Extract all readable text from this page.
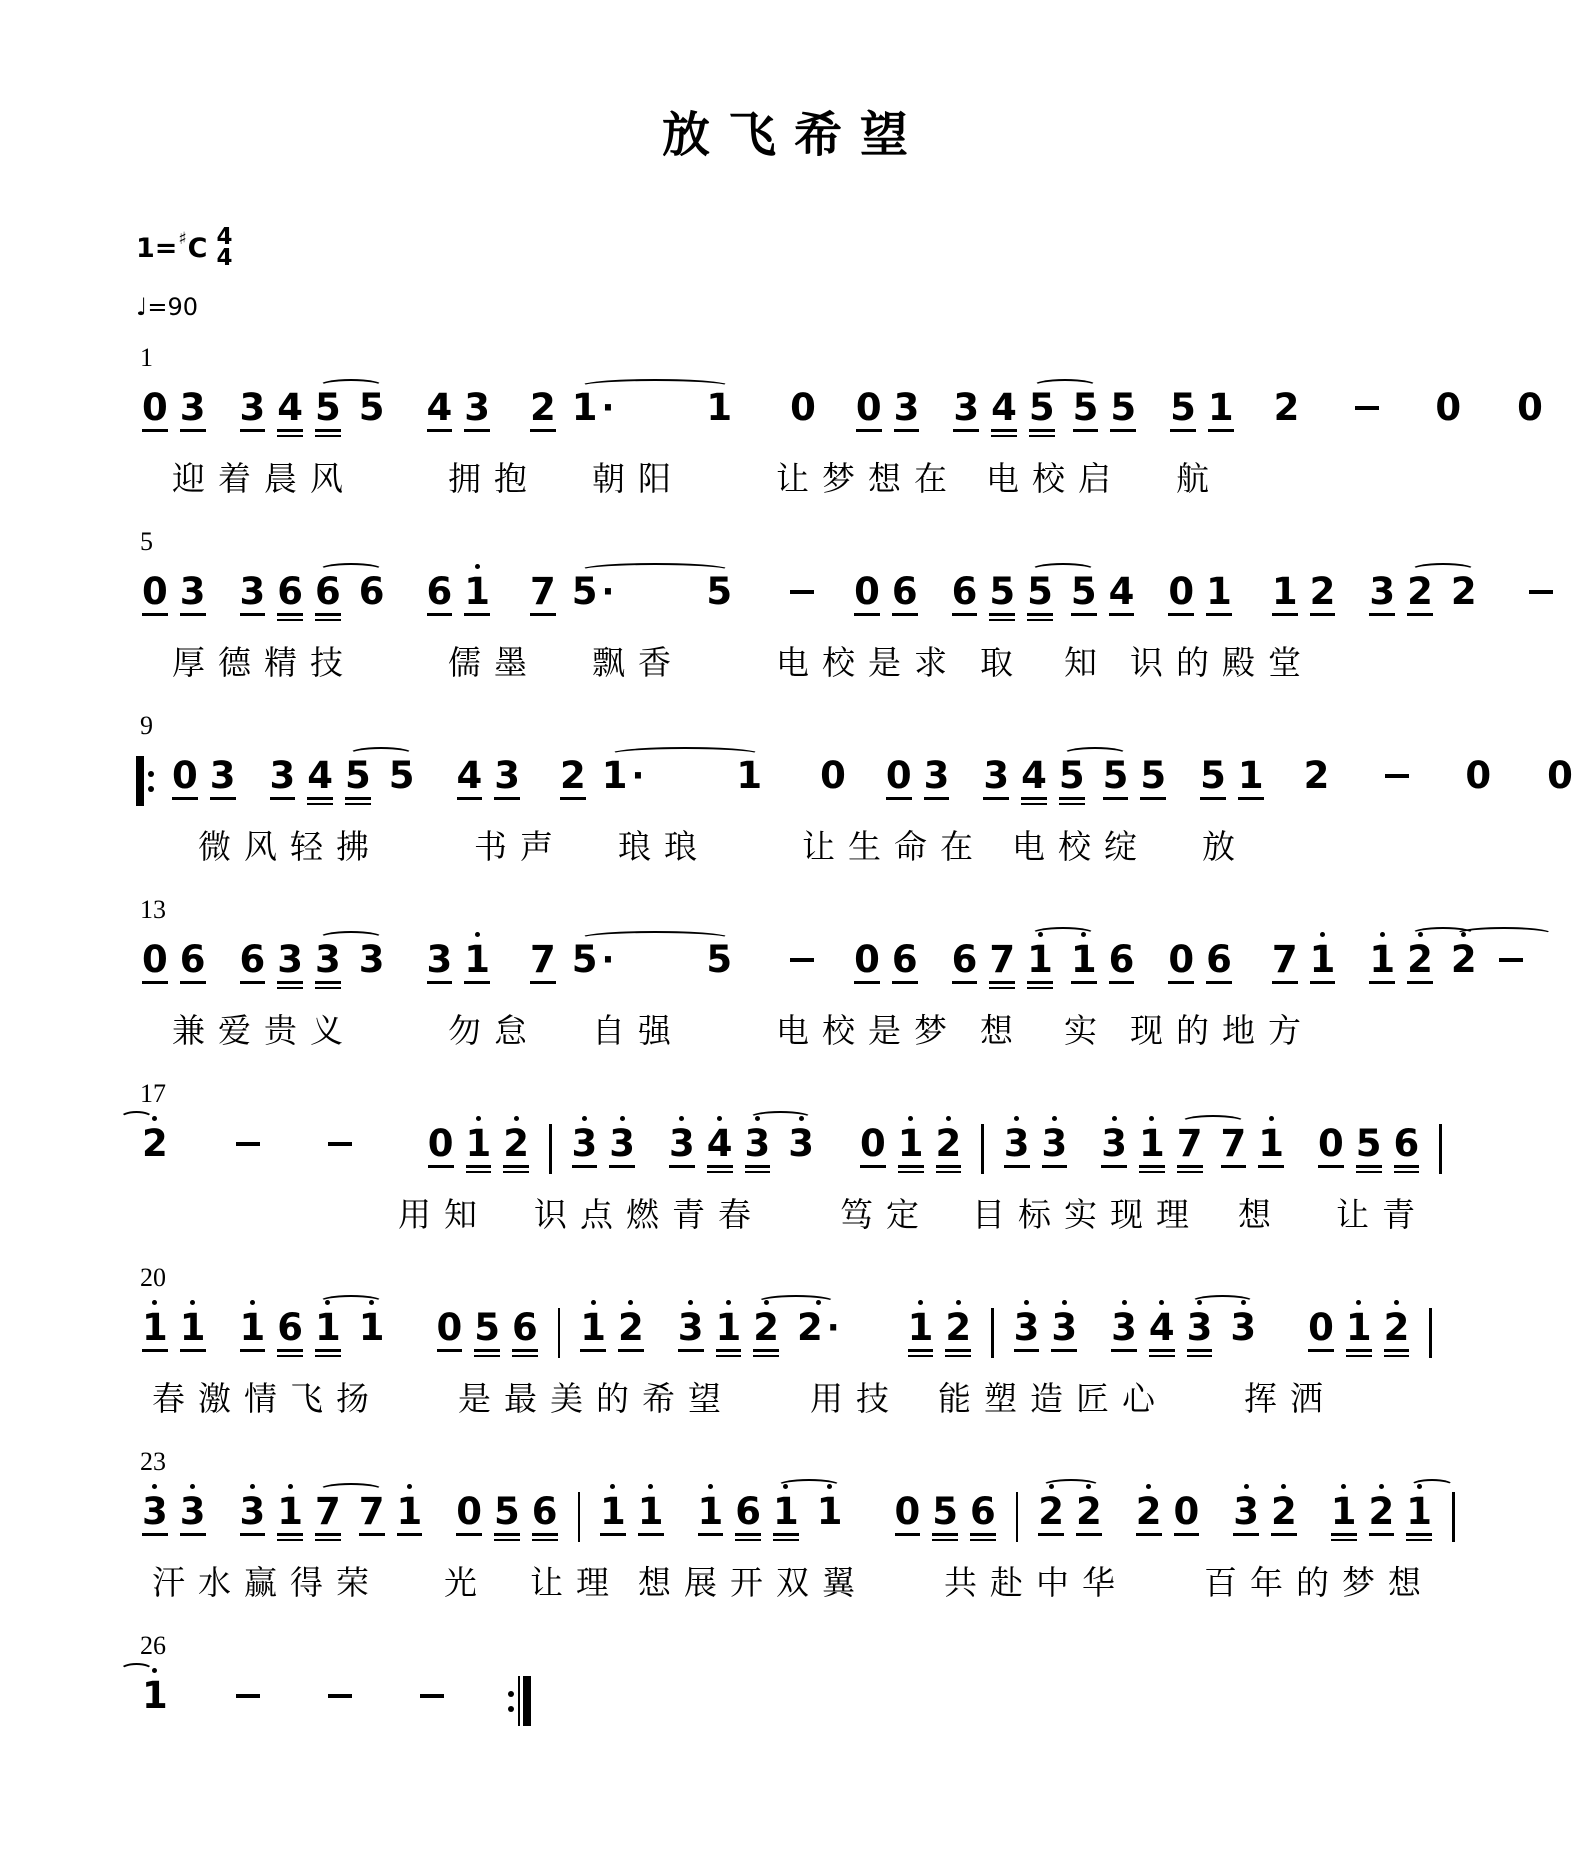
放飞希望
1= ♯ C 4
4
♩=90
1
0 3 3 4 5 5 4 3 2 1 · 1 0 0 3 3 4 5 5 5 5 1 2	0 0
迎着晨风	拥抱 朝阳	让梦想在 电校启 航
5
0 3 3 6 6 6 6 1 7 5 · 5	0 6 6 5 5 5 4 0 1 1 2 3 2 2
厚德精技	儒墨 飘香	电校是求 取 知 识的殿堂
9
0 3 3 4 5 5 4 3 2 1 · 1 0 0 3 3 4 5 5 5 5 1 2	0 0
微风轻拂	书声 琅琅	让生命在 电校绽 放
13
0 6 6 3 3 3 3 1 7 5 · 5	0 6 6 7 1 1 6 0 6 7 1 1 2 2
兼爱贵义	勿怠 自强	电校是梦 想 实 现的地方
17
2	0 1 2 3 3 3 4 3 3 0 1 2 3 3 3 1 7 7 1 0 5 6
用知 识点燃青春 笃定 目标实现理 想 让青
20
1 1 1 6 1 1 0 5 6 1 2 3 1 2 2 · 1 2 3 3 3 4 3 3 0 1 2
春激情飞扬 是最美的希望 用技 能塑造匠心 挥洒
23
3 3 3 1 7 7 1 0 5 6 1 1 1 6 1 1 0 5 6 2 2 2 0 3 2 1 2 1
汗水赢得荣 光 让理 想展开双翼 共赴中华 百年的梦想
26
1
